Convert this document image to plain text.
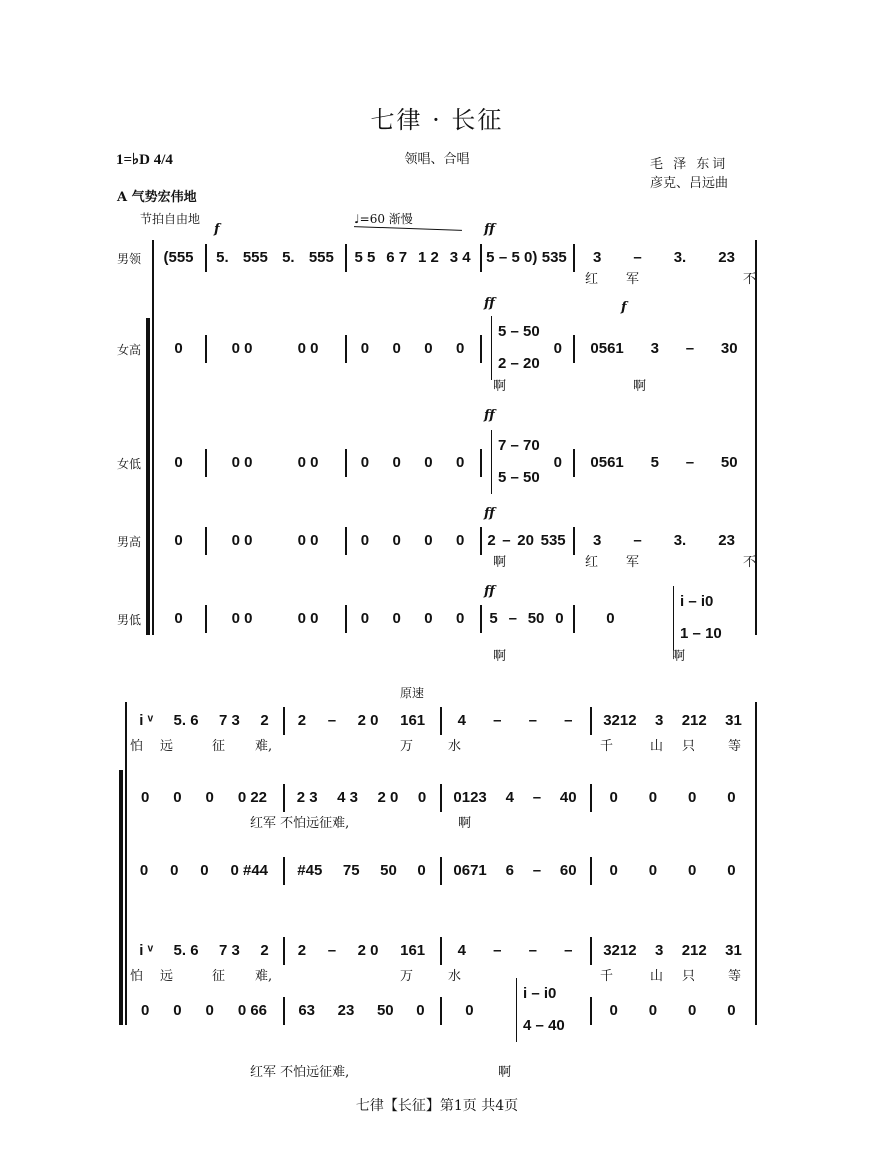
七律 · 长征
1=♭D 4/4	领唱、合唱	毛 泽 东词
彦克、吕远曲
A 气势宏伟地
节拍自由地	♩=60 渐慢
原速
f	ff
ff	f
ff
ff
ff
男领
女高
女低
男高
男低
(555 5. 555 5. 555 5 5 6 7 1 2 3 4 5 – 5 0) 535 3 – 3. 23
红 军	不
0	0 0	0 0	0 0 0 0
5 – 50
2 – 20
0 0561 3 – 30
啊	啊
0	0 0	0 0	0 0 0 0
7 – 70
5 – 50
0 0561 5 – 50
0	0 0	0 0	0 0 0 0 2 – 20 535 3 – 3. 23
啊	红 军	不
0	0 0	0 0	0 0 0 0 5 – 50 0	0
i – i0
1 – 10
啊	啊
i ᵛ 5. 6 7 3 2 2 – 2 0 161 4 – – – 3212 3 212 31
怕 远	征 难,	万	水	千	山 只	等
0 0 0 0 22 2 3 4 3 2 0 0 0123 4 – 40 0 0 0 0
红军 不怕远征难,	啊
0 0 0 0 #44 #45 75 50 0 0671 6 – 60 0 0 0 0
i ᵛ 5. 6 7 3 2 2 – 2 0 161 4 – – – 3212 3 212 31
怕 远	征 难,	万	水	千	山 只	等
0 0 0 0 66 63 23 50 0	0
i – i0
4 – 40
0 0 0 0
红军 不怕远征难,	啊
七律【长征】第1页 共4页
